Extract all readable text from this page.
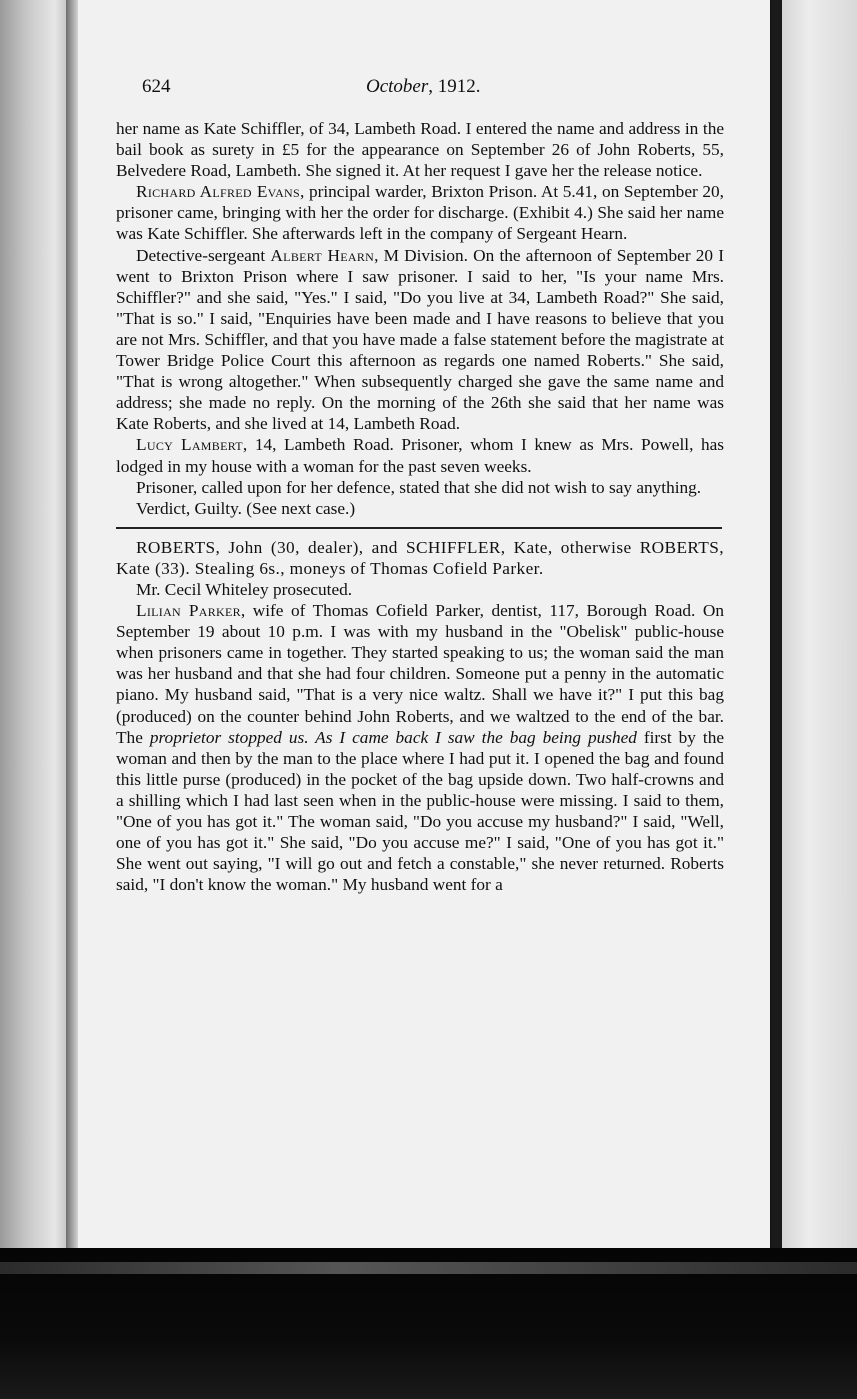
624	October, 1912.

her name as Kate Schiffler, of 34, Lambeth Road. I entered the name and address in the bail book as surety in £5 for the appearance on September 26 of John Roberts, 55, Belvedere Road, Lambeth. She signed it. At her request I gave her the release notice.

Richard Alfred Evans, principal warder, Brixton Prison. At 5.41, on September 20, prisoner came, bringing with her the order for discharge. (Exhibit 4.) She said her name was Kate Schiffler. She afterwards left in the company of Sergeant Hearn.

Detective-sergeant Albert Hearn, M Division. On the afternoon of September 20 I went to Brixton Prison where I saw prisoner. I said to her, "Is your name Mrs. Schiffler?" and she said, "Yes." I said, "Do you live at 34, Lambeth Road?" She said, "That is so." I said, "Enquiries have been made and I have reasons to believe that you are not Mrs. Schiffler, and that you have made a false statement before the magistrate at Tower Bridge Police Court this afternoon as regards one named Roberts." She said, "That is wrong altogether." When subsequently charged she gave the same name and address; she made no reply. On the morning of the 26th she said that her name was Kate Roberts, and she lived at 14, Lambeth Road.

Lucy Lambert, 14, Lambeth Road. Prisoner, whom I knew as Mrs. Powell, has lodged in my house with a woman for the past seven weeks.

Prisoner, called upon for her defence, stated that she did not wish to say anything.

Verdict, Guilty. (See next case.)

ROBERTS, John (30, dealer), and SCHIFFLER, Kate, otherwise ROBERTS, Kate (33). Stealing 6s., moneys of Thomas Cofield Parker.

Mr. Cecil Whiteley prosecuted.

Lilian Parker, wife of Thomas Cofield Parker, dentist, 117, Borough Road. On September 19 about 10 p.m. I was with my husband in the "Obelisk" public-house when prisoners came in together. They started speaking to us; the woman said the man was her husband and that she had four children. Someone put a penny in the automatic piano. My husband said, "That is a very nice waltz. Shall we have it?" I put this bag (produced) on the counter behind John Roberts, and we waltzed to the end of the bar. The proprietor stopped us. As I came back I saw the bag being pushed first by the woman and then by the man to the place where I had put it. I opened the bag and found this little purse (produced) in the pocket of the bag upside down. Two half-crowns and a shilling which I had last seen when in the public-house were missing. I said to them, "One of you has got it." The woman said, "Do you accuse my husband?" I said, "Well, one of you has got it." She said, "Do you accuse me?" I said, "One of you has got it." She went out saying, "I will go out and fetch a constable," she never returned. Roberts said, "I don't know the woman." My husband went for a
